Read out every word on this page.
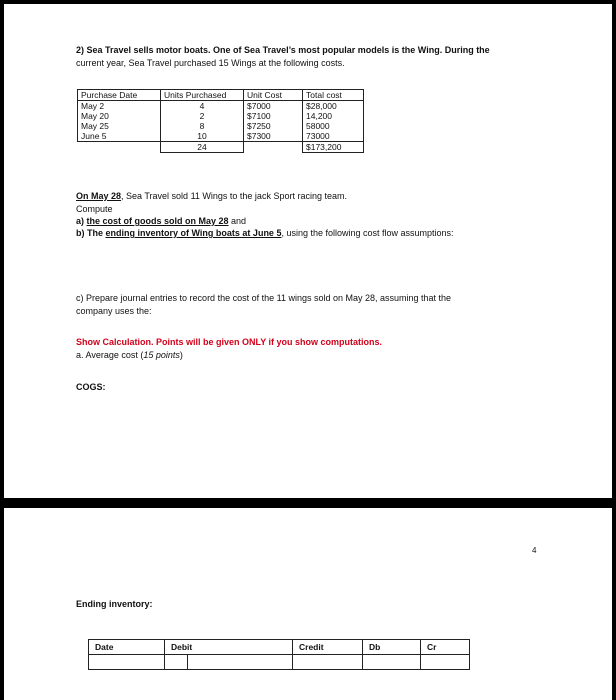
2) Sea Travel sells motor boats. One of Sea Travel’s most popular models is the Wing. During the
current year, Sea Travel purchased 15 Wings at the following costs.
Purchase Date	Units Purchased	Unit Cost	Total cost
May 2	4	$7000	$28,000
May 20	2	$7100	14,200
May 25	8	$7250	58000
June 5	10	$7300	73000
	24		$173,200
On May 28, Sea Travel sold 11 Wings to the jack Sport racing team.
Compute
a) the cost of goods sold on May 28 and
b) The ending inventory of Wing boats at June 5, using the following cost flow assumptions:
c) Prepare journal entries to record the cost of the 11 wings sold on May 28, assuming that the
company uses the:
Show Calculation. Points will be given ONLY if you show computations.
a. Average cost (15 points)
COGS:
4
Ending inventory:
Date	Debit	Credit	Db	Cr
